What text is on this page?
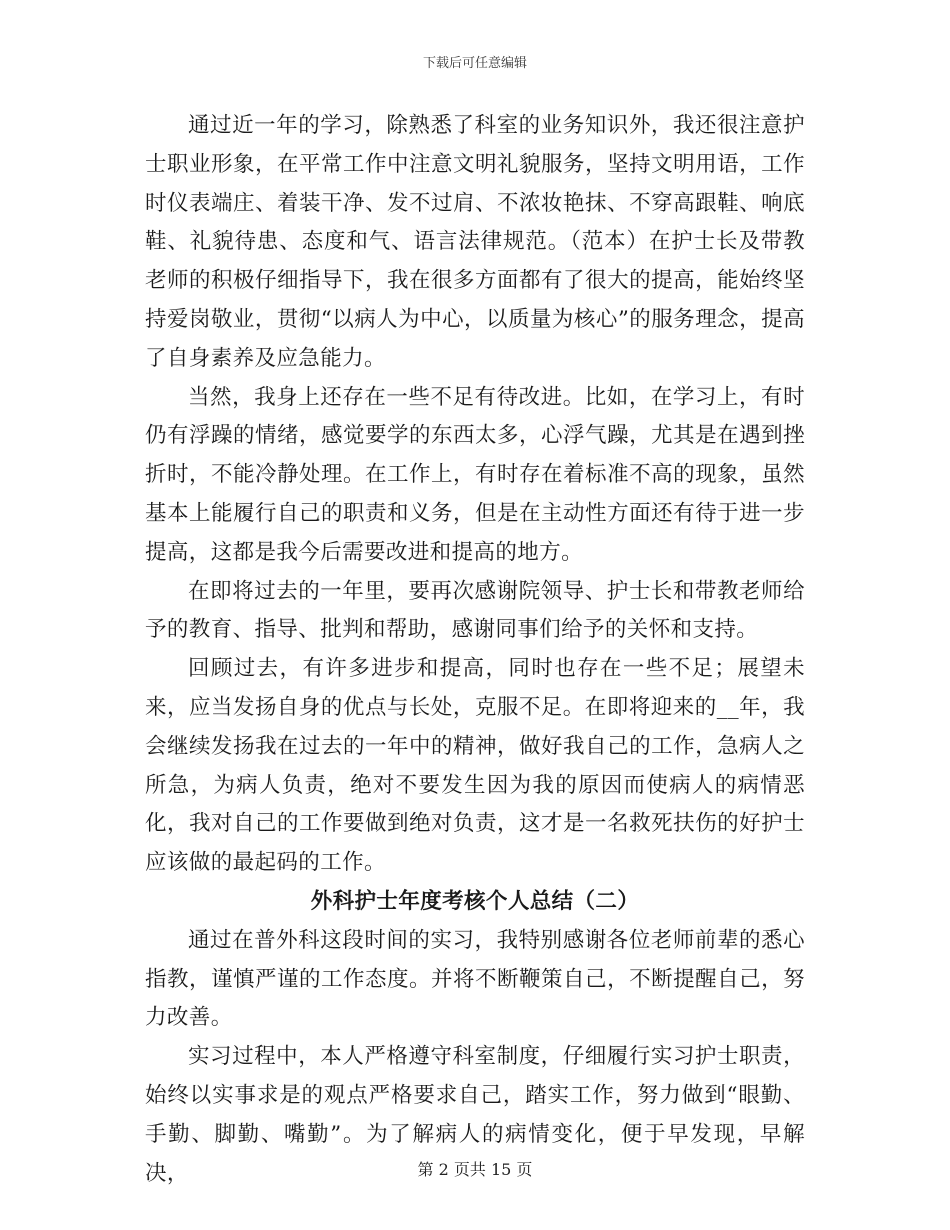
下载后可任意编辑

通过近一年的学习，除熟悉了科室的业务知识外，我还很注意护士职业形象，在平常工作中注意文明礼貌服务，坚持文明用语，工作时仪表端庄、着装干净、发不过肩、不浓妆艳抹、不穿高跟鞋、响底鞋、礼貌待患、态度和气、语言法律规范。（范本）在护士长及带教老师的积极仔细指导下，我在很多方面都有了很大的提高，能始终坚持爱岗敬业，贯彻“以病人为中心，以质量为核心”的服务理念，提高了自身素养及应急能力。

当然，我身上还存在一些不足有待改进。比如，在学习上，有时仍有浮躁的情绪，感觉要学的东西太多，心浮气躁，尤其是在遇到挫折时，不能冷静处理。在工作上，有时存在着标准不高的现象，虽然基本上能履行自己的职责和义务，但是在主动性方面还有待于进一步提高，这都是我今后需要改进和提高的地方。

在即将过去的一年里，要再次感谢院领导、护士长和带教老师给予的教育、指导、批判和帮助，感谢同事们给予的关怀和支持。

回顾过去，有许多进步和提高，同时也存在一些不足；展望未来，应当发扬自身的优点与长处，克服不足。在即将迎来的__年，我会继续发扬我在过去的一年中的精神，做好我自己的工作，急病人之所急，为病人负责，绝对不要发生因为我的原因而使病人的病情恶化，我对自己的工作要做到绝对负责，这才是一名救死扶伤的好护士应该做的最起码的工作。

外科护士年度考核个人总结（二）

通过在普外科这段时间的实习，我特别感谢各位老师前辈的悉心指教，谨慎严谨的工作态度。并将不断鞭策自己，不断提醒自己，努力改善。

实习过程中，本人严格遵守科室制度，仔细履行实习护士职责，始终以实事求是的观点严格要求自己，踏实工作，努力做到“眼勤、手勤、脚勤、嘴勤”。为了解病人的病情变化，便于早发现，早解决，	第 2 页共 15 页
